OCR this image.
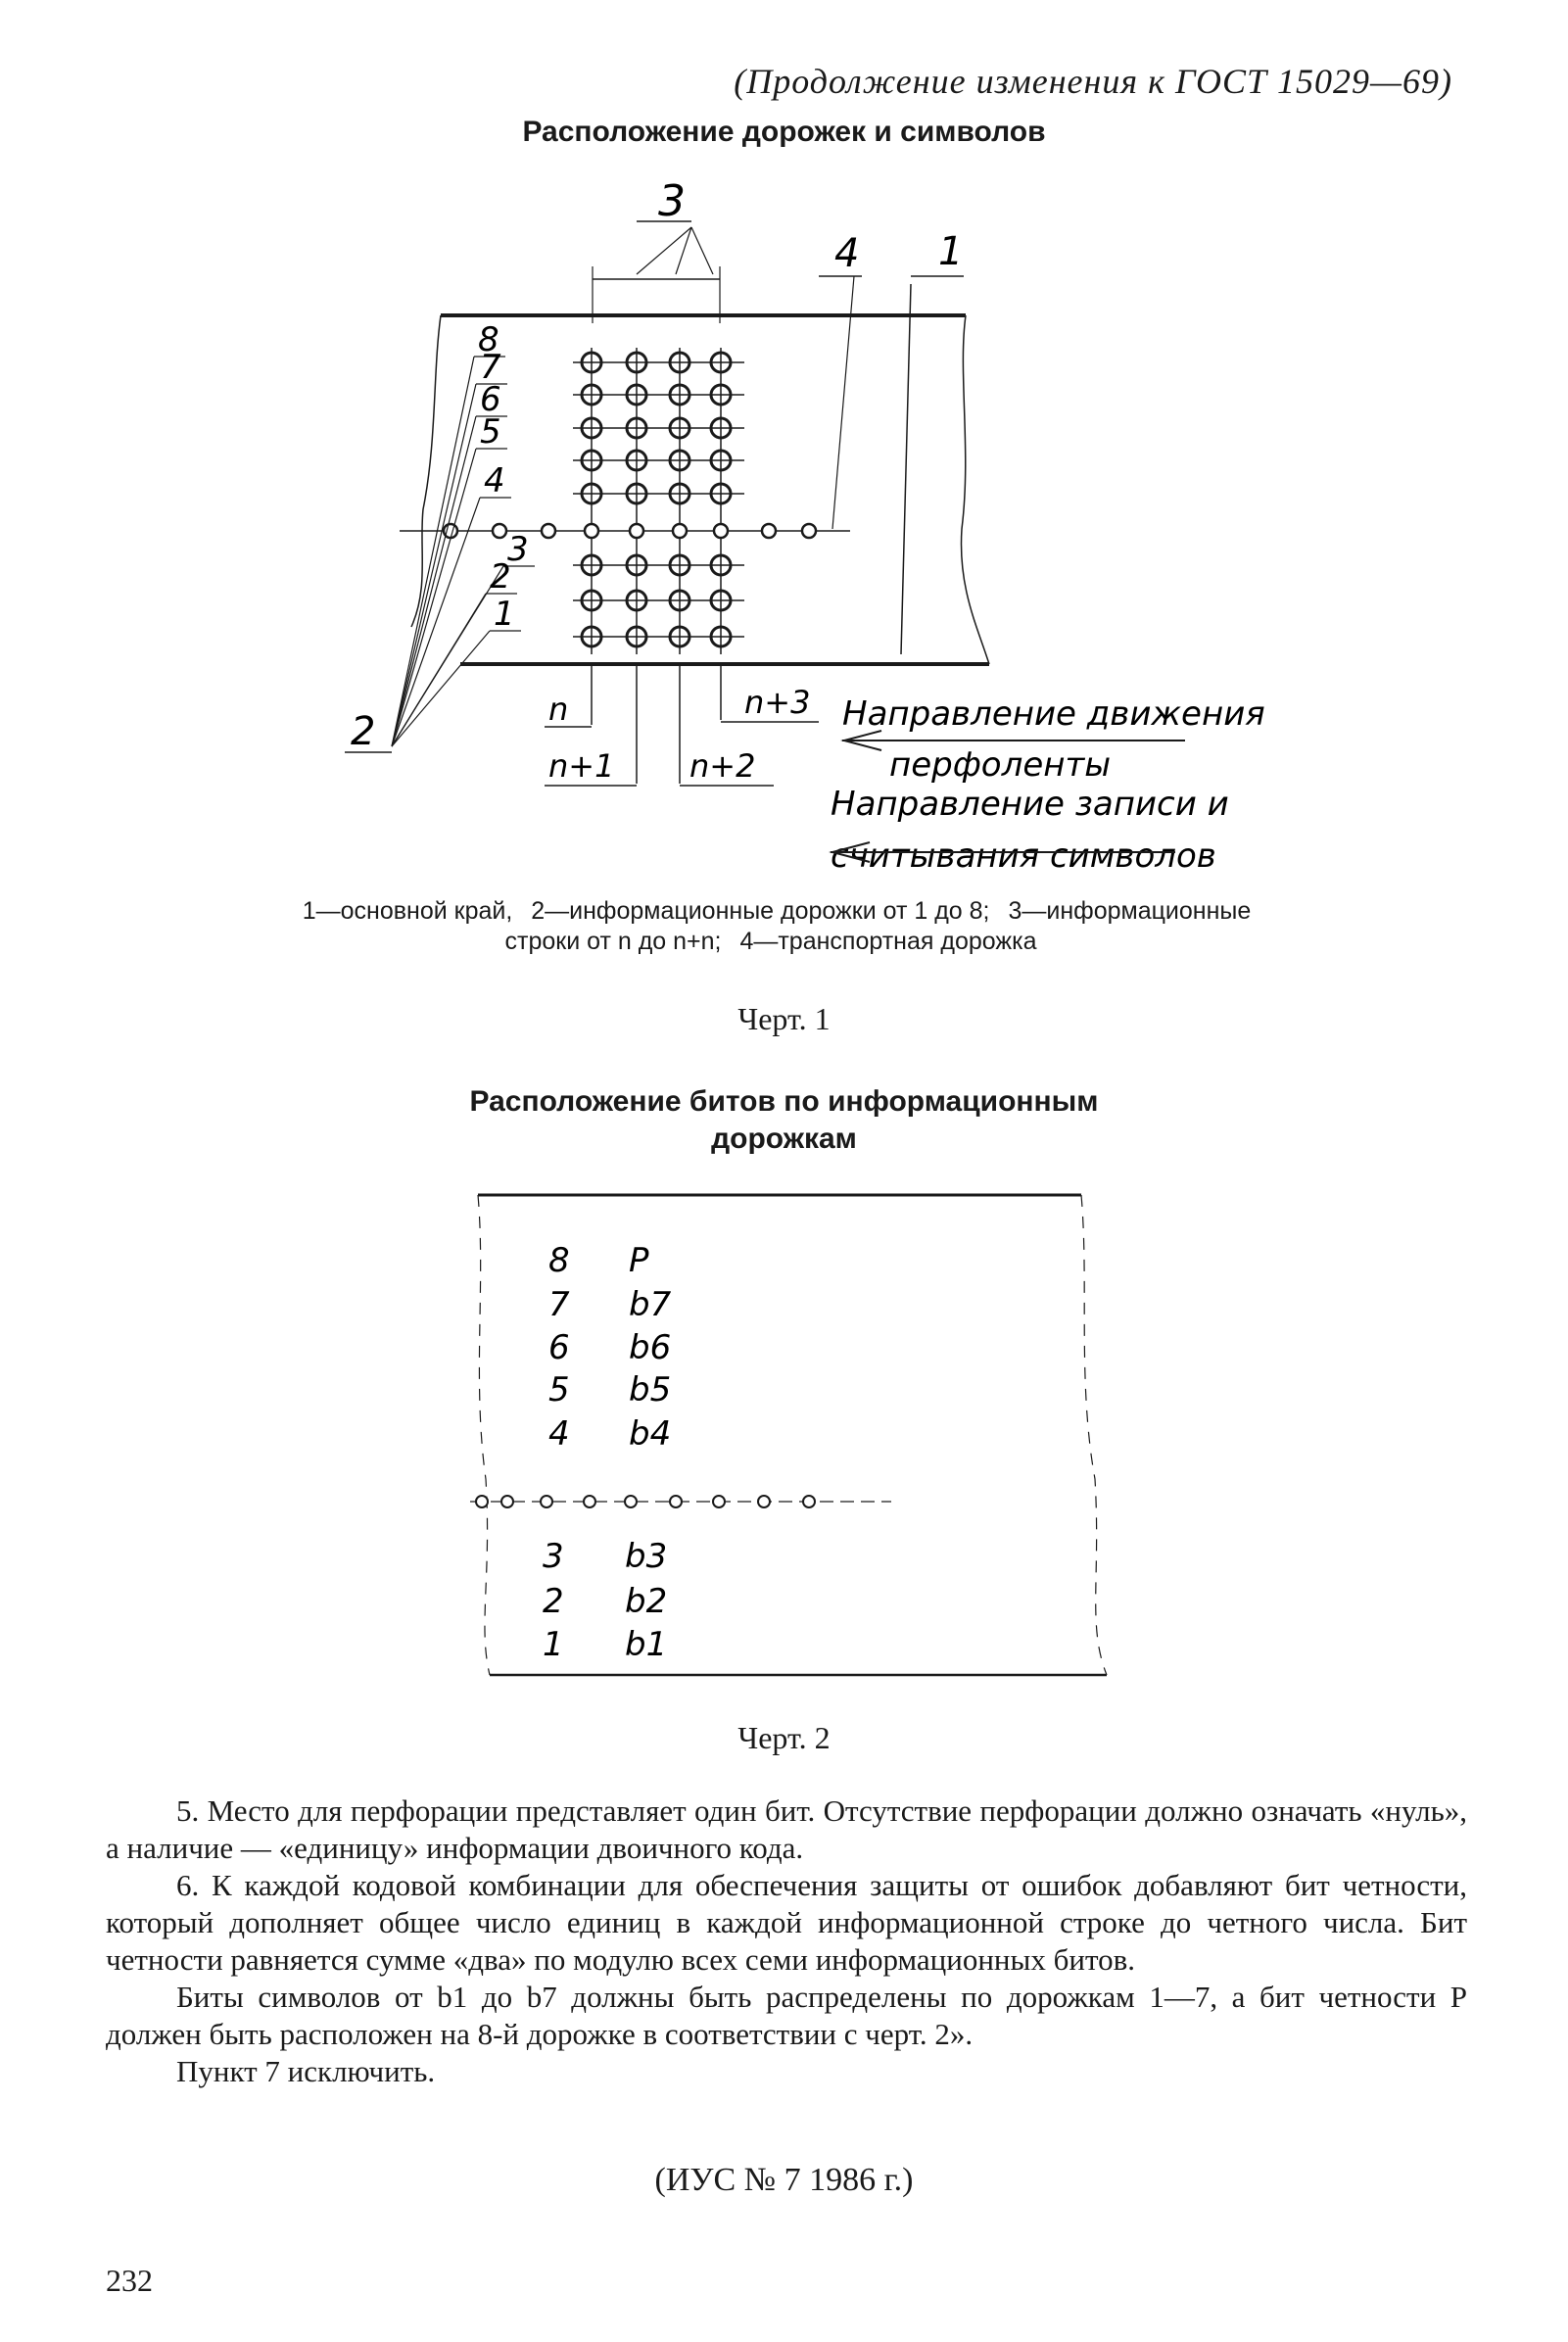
(Продолжение изменения к ГОСТ 15029—69)
Расположение дорожек и символов
3
4 1
8
7
6
5
4
3
2
1
2	n
n+1 n+2
n+3 Направление движения
перфоленты
Направление записи и
считывания символов
1—основной край, 2—информационные дорожки от 1 до 8; 3—информационные строки от n до n+n; 4—транспортная дорожка
Черт. 1
Расположение битов по информационным
дорожкам
8 P
7 b7
6 b6
5 b5
4 b4
3 b3
2 b2
1 b1
Черт. 2

5. Место для перфорации представляет один бит. Отсутствие перфорации должно означать «нуль», а наличие — «единицу» информации двоичного кода.

6. К каждой кодовой комбинации для обеспечения защиты от ошибок добавляют бит четности, который дополняет общее число единиц в каждой информационной строке до четного числа. Бит четности равняется сумме «два» по модулю всех семи информационных битов.

Биты символов от b1 до b7 должны быть распределены по дорожкам 1—7, а бит четности P должен быть расположен на 8-й дорожке в соответствии с черт. 2».

Пункт 7 исключить.

(ИУС № 7 1986 г.)
232
